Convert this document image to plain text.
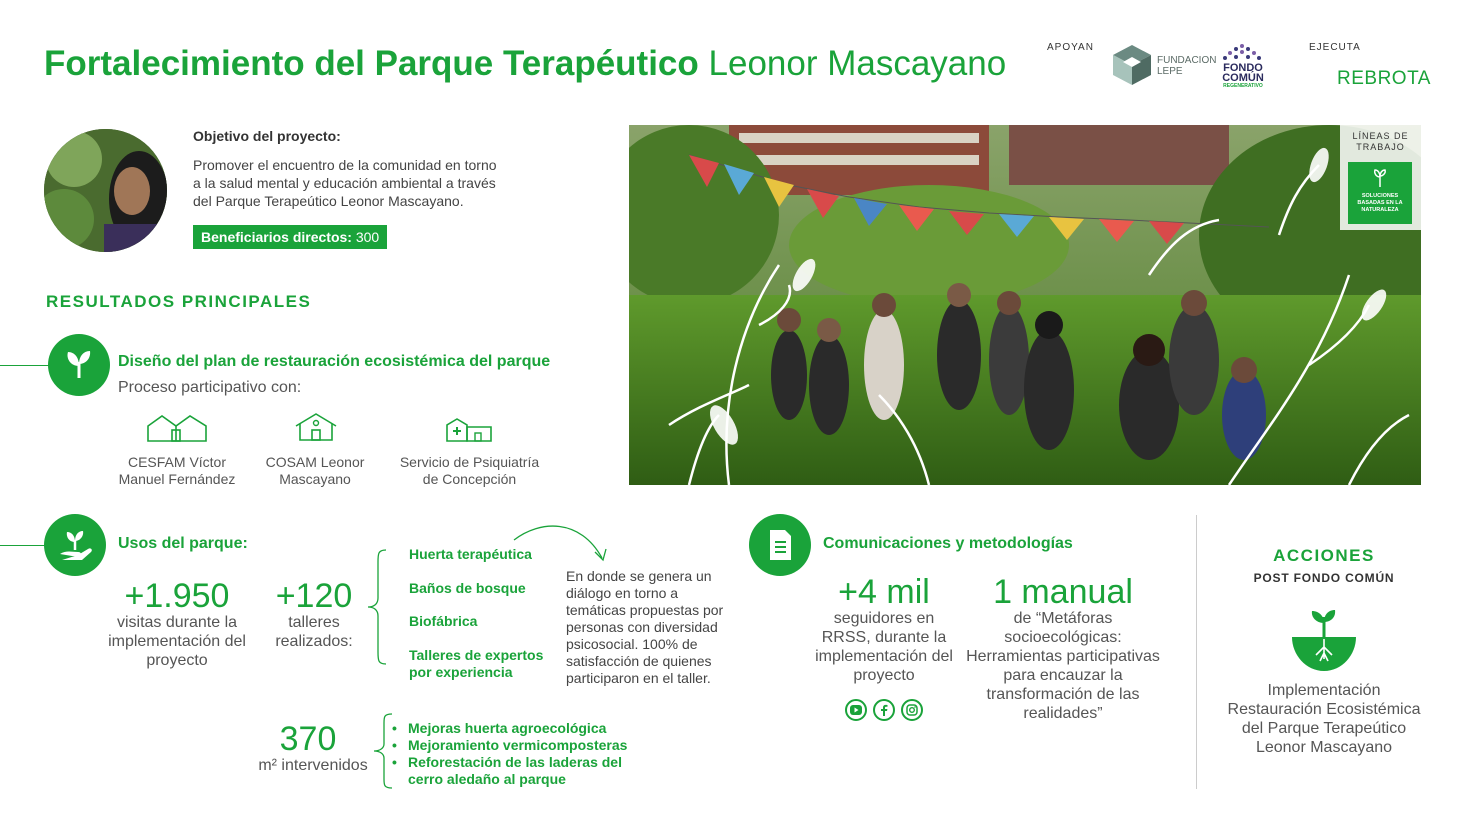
Fortalecimiento del Parque Terapéutico Leonor Mascayano	APOYAN	EJECUTA
FUNDACION
LEPE	FONDO
COMÚN
REGENERATIVO	REBROTA
Objetivo del proyecto:
Promover el encuentro de la comunidad en torno a la salud mental y educación ambiental a través del Parque Terapeútico Leonor Mascayano.
Beneficiarios directos: 300
RESULTADOS PRINCIPALES
Diseño del plan de restauración ecosistémica del parque
Proceso participativo con:
CESFAM Víctor Manuel Fernández
COSAM Leonor Mascayano
Servicio de Psiquiatría de Concepción
Usos del parque:
+1.950
visitas durante la implementación del proyecto
+120
talleres realizados:
Huerta terapéutica
Baños de bosque
Biofábrica
Talleres de expertos por experiencia
En donde se genera un diálogo en torno a temáticas propuestas por personas con diversidad psicosocial. 100% de satisfacción de quienes participaron en el taller.
370
m² intervenidos
• Mejoras huerta agroecológica
• Mejoramiento vermicomposteras
• Reforestación de las laderas del cerro aledaño al parque
LÍNEAS DE TRABAJO
SOLUCIONES BASADAS EN LA NATURALEZA
Comunicaciones y metodologías
+4 mil
seguidores en RRSS, durante la implementación del proyecto
1 manual
de “Metáforas socioecológicas: Herramientas participativas para encauzar la transformación de las realidades”
ACCIONES
POST FONDO COMÚN
Implementación Restauración Ecosistémica del Parque Terapeútico Leonor Mascayano
